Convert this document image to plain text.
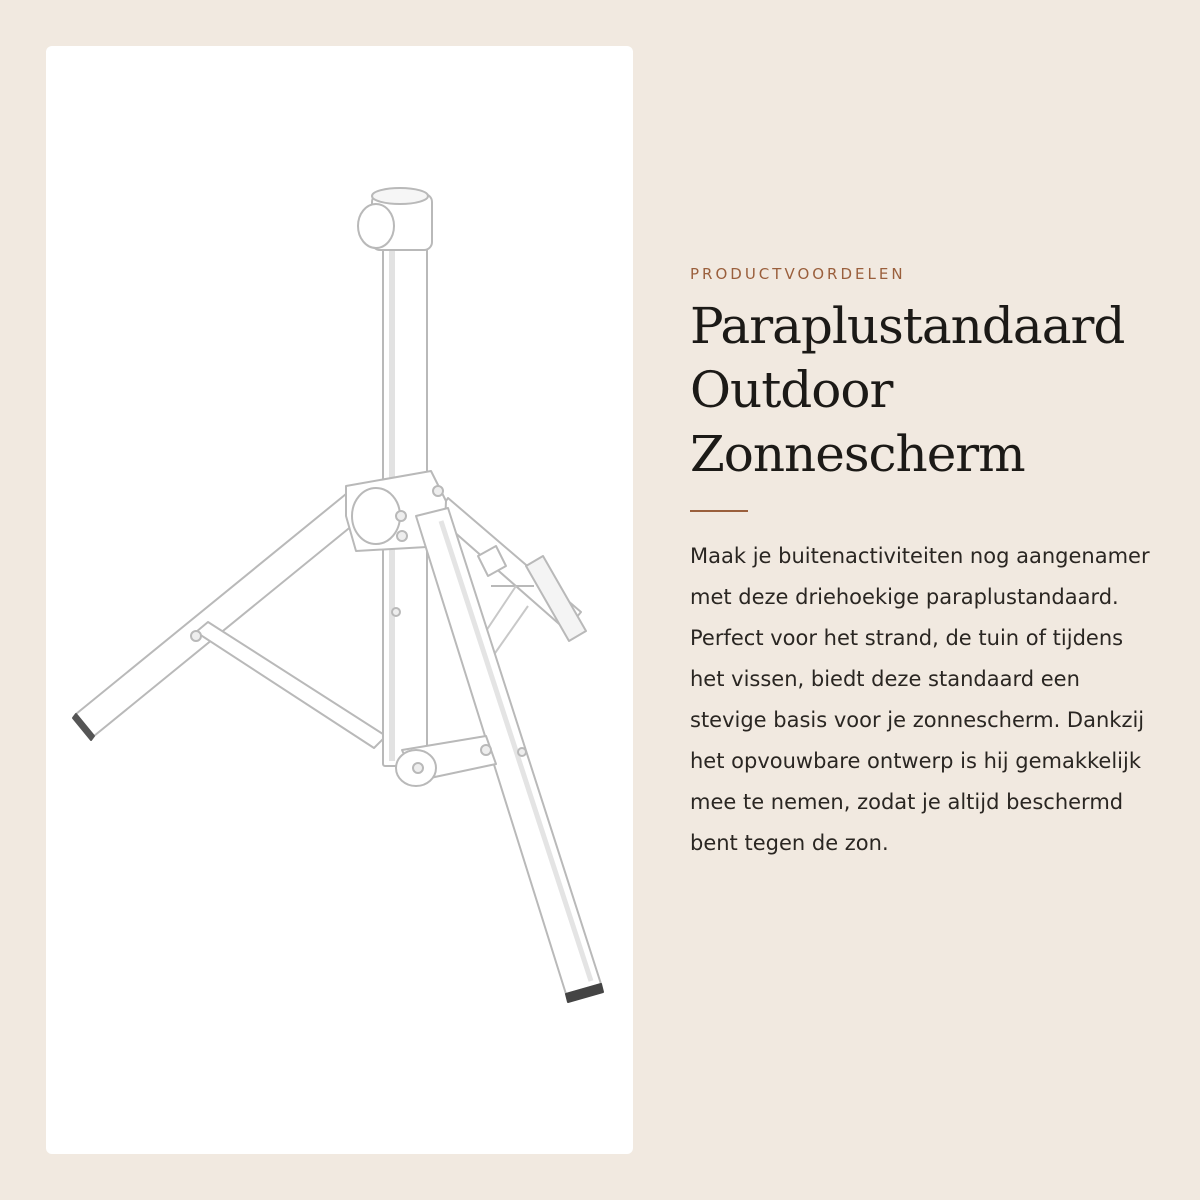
PRODUCTVOORDELEN

Paraplustandaard
Outdoor
Zonnescherm

Maak je buitenactiviteiten nog aangenamer met deze driehoekige paraplustandaard. Perfect voor het strand, de tuin of tijdens het vissen, biedt deze standaard een stevige basis voor je zonnescherm. Dankzij het opvouwbare ontwerp is hij gemakkelijk mee te nemen, zodat je altijd beschermd bent tegen de zon.
